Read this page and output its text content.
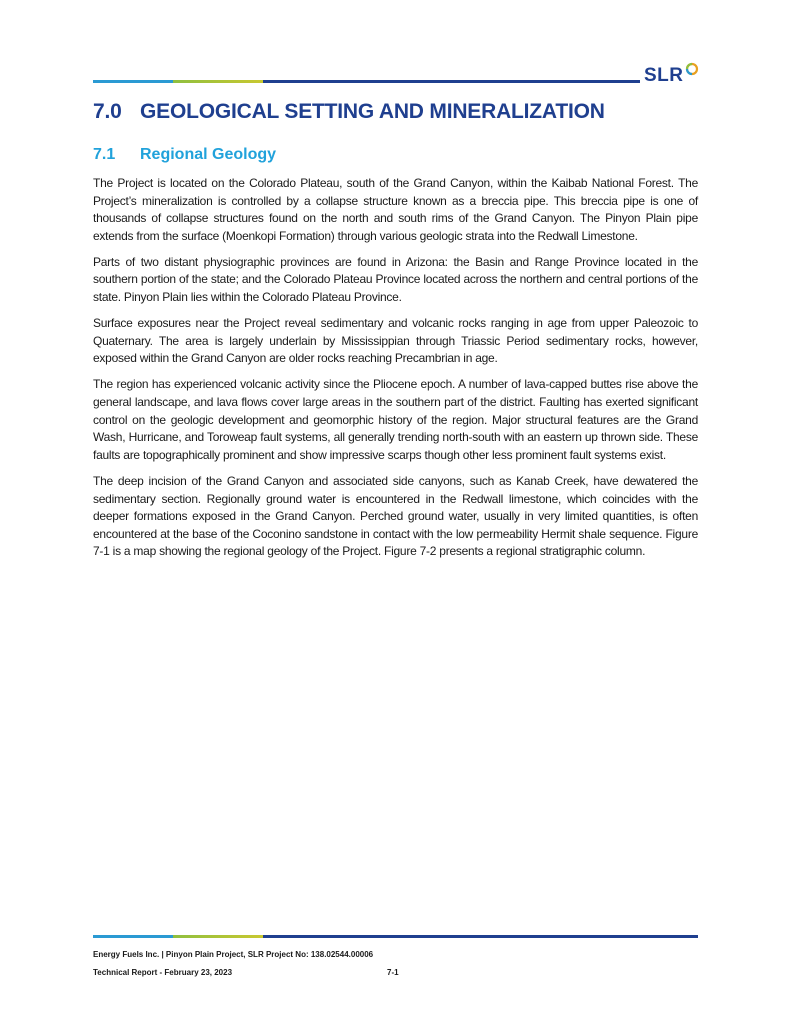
SLR
7.0 GEOLOGICAL SETTING AND MINERALIZATION
7.1 Regional Geology

The Project is located on the Colorado Plateau, south of the Grand Canyon, within the Kaibab National Forest. The Project’s mineralization is controlled by a collapse structure known as a breccia pipe. This breccia pipe is one of thousands of collapse structures found on the north and south rims of the Grand Canyon. The Pinyon Plain pipe extends from the surface (Moenkopi Formation) through various geologic strata into the Redwall Limestone.

Parts of two distant physiographic provinces are found in Arizona: the Basin and Range Province located in the southern portion of the state; and the Colorado Plateau Province located across the northern and central portions of the state. Pinyon Plain lies within the Colorado Plateau Province.

Surface exposures near the Project reveal sedimentary and volcanic rocks ranging in age from upper Paleozoic to Quaternary. The area is largely underlain by Mississippian through Triassic Period sedimentary rocks, however, exposed within the Grand Canyon are older rocks reaching Precambrian in age.

The region has experienced volcanic activity since the Pliocene epoch. A number of lava-capped buttes rise above the general landscape, and lava flows cover large areas in the southern part of the district. Faulting has exerted significant control on the geologic development and geomorphic history of the region. Major structural features are the Grand Wash, Hurricane, and Toroweap fault systems, all generally trending north-south with an eastern up thrown side. These faults are topographically prominent and show impressive scarps though other less prominent fault systems exist.

The deep incision of the Grand Canyon and associated side canyons, such as Kanab Creek, have dewatered the sedimentary section. Regionally ground water is encountered in the Redwall limestone, which coincides with the deeper formations exposed in the Grand Canyon. Perched ground water, usually in very limited quantities, is often encountered at the base of the Coconino sandstone in contact with the low permeability Hermit shale sequence. Figure 7-1 is a map showing the regional geology of the Project. Figure 7-2 presents a regional stratigraphic column.

Energy Fuels Inc. | Pinyon Plain Project, SLR Project No: 138.02544.00006
Technical Report - February 23, 2023	7-1
